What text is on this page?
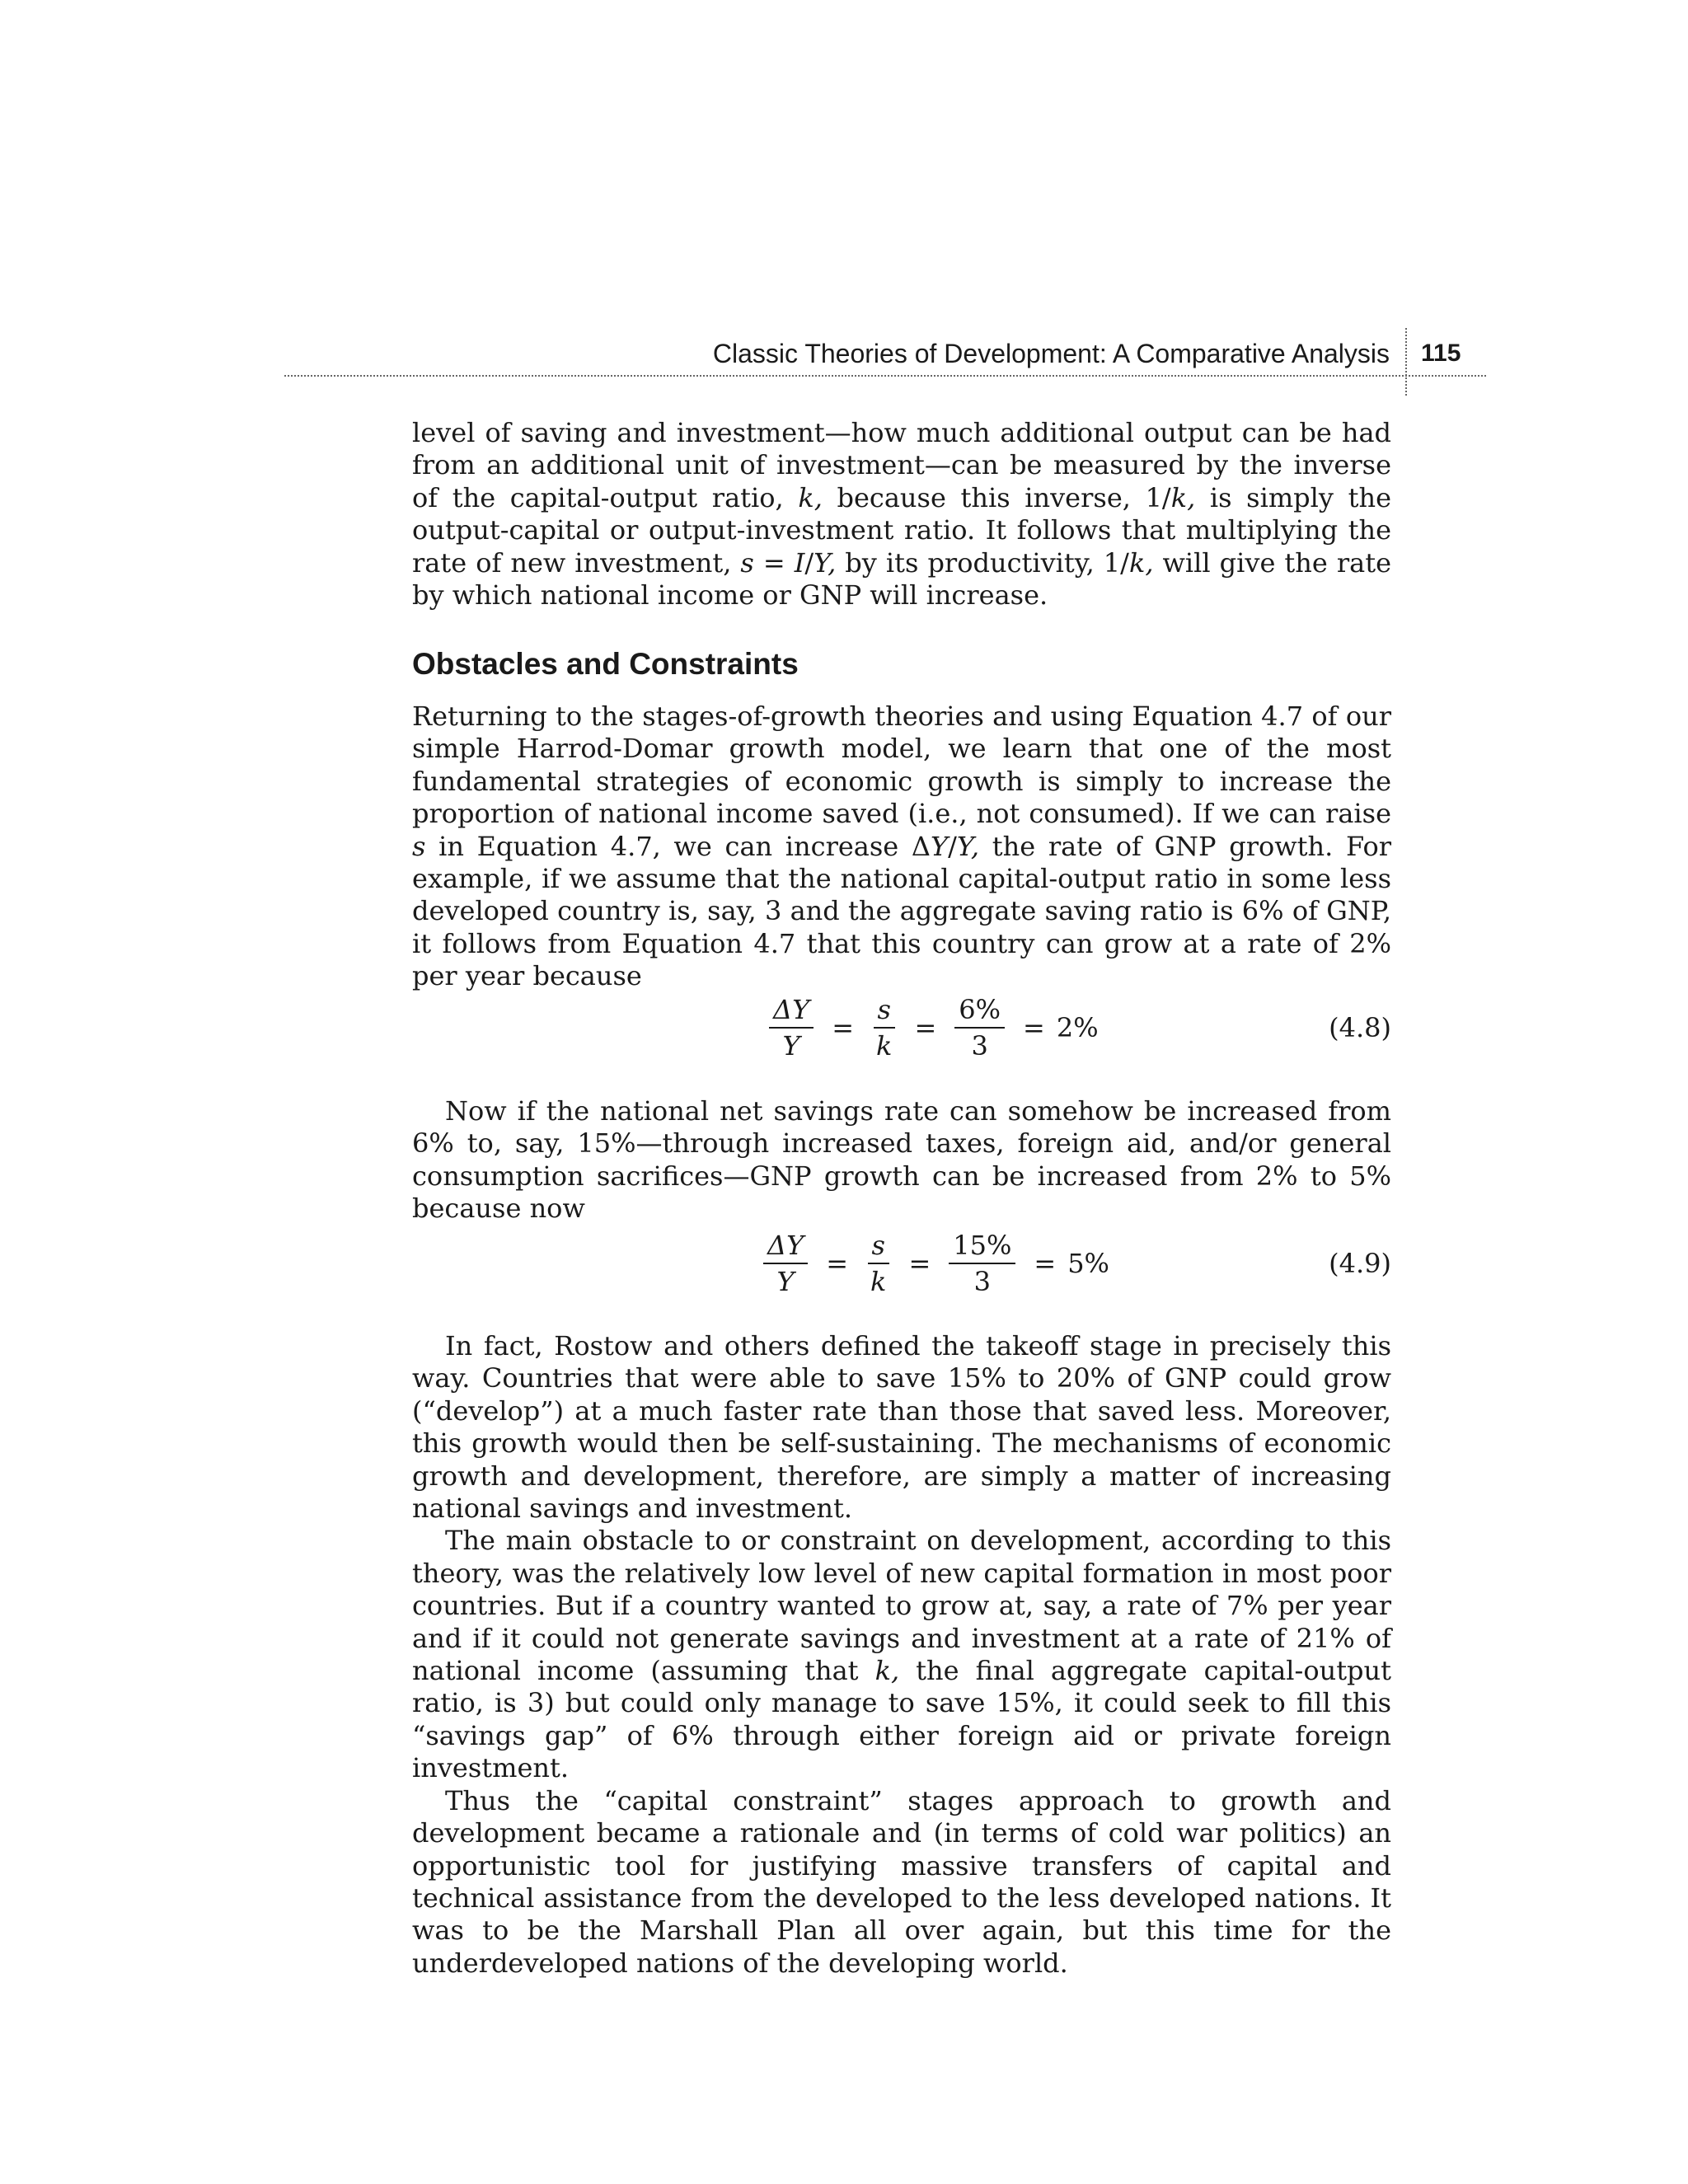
Classic Theories of Development: A Comparative Analysis 115

level of saving and investment—how much additional output can be had from an additional unit of investment—can be measured by the inverse of the capital-output ratio, k, because this inverse, 1/k, is simply the output-capital or output-investment ratio. It follows that multiplying the rate of new investment, s = I/Y, by its productivity, 1/k, will give the rate by which national income or GNP will increase.

Obstacles and Constraints

Returning to the stages-of-growth theories and using Equation 4.7 of our simple Harrod-Domar growth model, we learn that one of the most fundamental strategies of economic growth is simply to increase the proportion of national income saved (i.e., not consumed). If we can raise s in Equation 4.7, we can increase ΔY/Y, the rate of GNP growth. For example, if we assume that the national capital-output ratio in some less developed country is, say, 3 and the aggregate saving ratio is 6% of GNP, it follows from Equation 4.7 that this country can grow at a rate of 2% per year because

$\frac{\Delta Y}{Y} = \frac{s}{k} = \frac{6\%}{3} = 2\%$	(4.8)

Now if the national net savings rate can somehow be increased from 6% to, say, 15%—through increased taxes, foreign aid, and/or general consumption sacrifices—GNP growth can be increased from 2% to 5% because now

$\frac{\Delta Y}{Y} = \frac{s}{k} = \frac{15\%}{3} = 5\%$	(4.9)

In fact, Rostow and others defined the takeoff stage in precisely this way. Countries that were able to save 15% to 20% of GNP could grow (“develop”) at a much faster rate than those that saved less. Moreover, this growth would then be self-sustaining. The mechanisms of economic growth and development, therefore, are simply a matter of increasing national savings and investment.

The main obstacle to or constraint on development, according to this theory, was the relatively low level of new capital formation in most poor countries. But if a country wanted to grow at, say, a rate of 7% per year and if it could not generate savings and investment at a rate of 21% of national income (assuming that k, the final aggregate capital-output ratio, is 3) but could only manage to save 15%, it could seek to fill this “savings gap” of 6% through either foreign aid or private foreign investment.

Thus the “capital constraint” stages approach to growth and development became a rationale and (in terms of cold war politics) an opportunistic tool for justifying massive transfers of capital and technical assistance from the developed to the less developed nations. It was to be the Marshall Plan all over again, but this time for the underdeveloped nations of the developing world.
